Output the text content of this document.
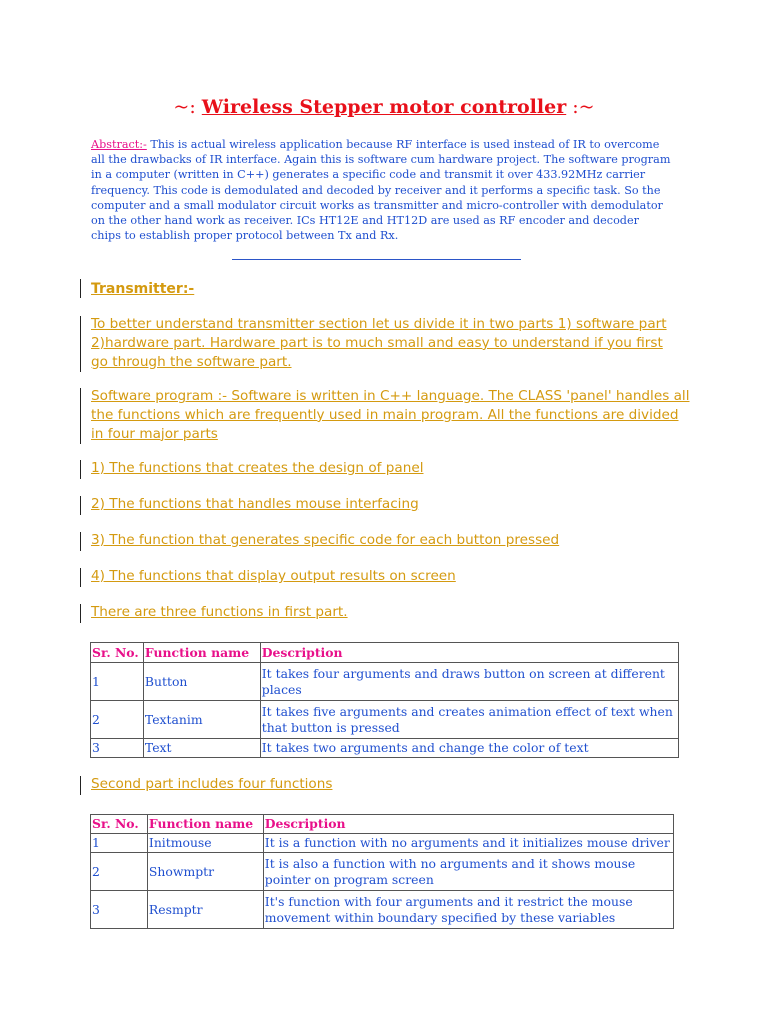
~: Wireless Stepper motor controller :~
Abstract:- This is actual wireless application because RF interface is used instead of IR to overcome all the drawbacks of IR interface. Again this is software cum hardware project. The software program in a computer (written in C++) generates a specific code and transmit it over 433.92MHz carrier frequency. This code is demodulated and decoded by receiver and it performs a specific task. So the computer and a small modulator circuit works as transmitter and micro-controller with demodulator on the other hand work as receiver. ICs HT12E and HT12D are used as RF encoder and decoder chips to establish proper protocol between Tx and Rx.
Transmitter:-
To better understand transmitter section let us divide it in two parts 1) software part 2)hardware part. Hardware part is to much small and easy to understand if you first go through the software part.
Software program :- Software is written in C++ language. The CLASS 'panel' handles all the functions which are frequently used in main program. All the functions are divided in four major parts
1) The functions that creates the design of panel
2) The functions that handles mouse interfacing
3) The function that generates specific code for each button pressed
4) The functions that display output results on screen
There are three functions in first part.
Sr. No.	Function name	Description
1	Button	It takes four arguments and draws button on screen at different places
2	Textanim	It takes five arguments and creates animation effect of text when that button is pressed
3	Text	It takes two arguments and change the color of text
Second part includes four functions
Sr. No.	Function name	Description
1	Initmouse	It is a function with no arguments and it initializes mouse driver
2	Showmptr	It is also a function with no arguments and it shows mouse pointer on program screen
3	Resmptr	It's function with four arguments and it restrict the mouse movement within boundary specified by these variables
